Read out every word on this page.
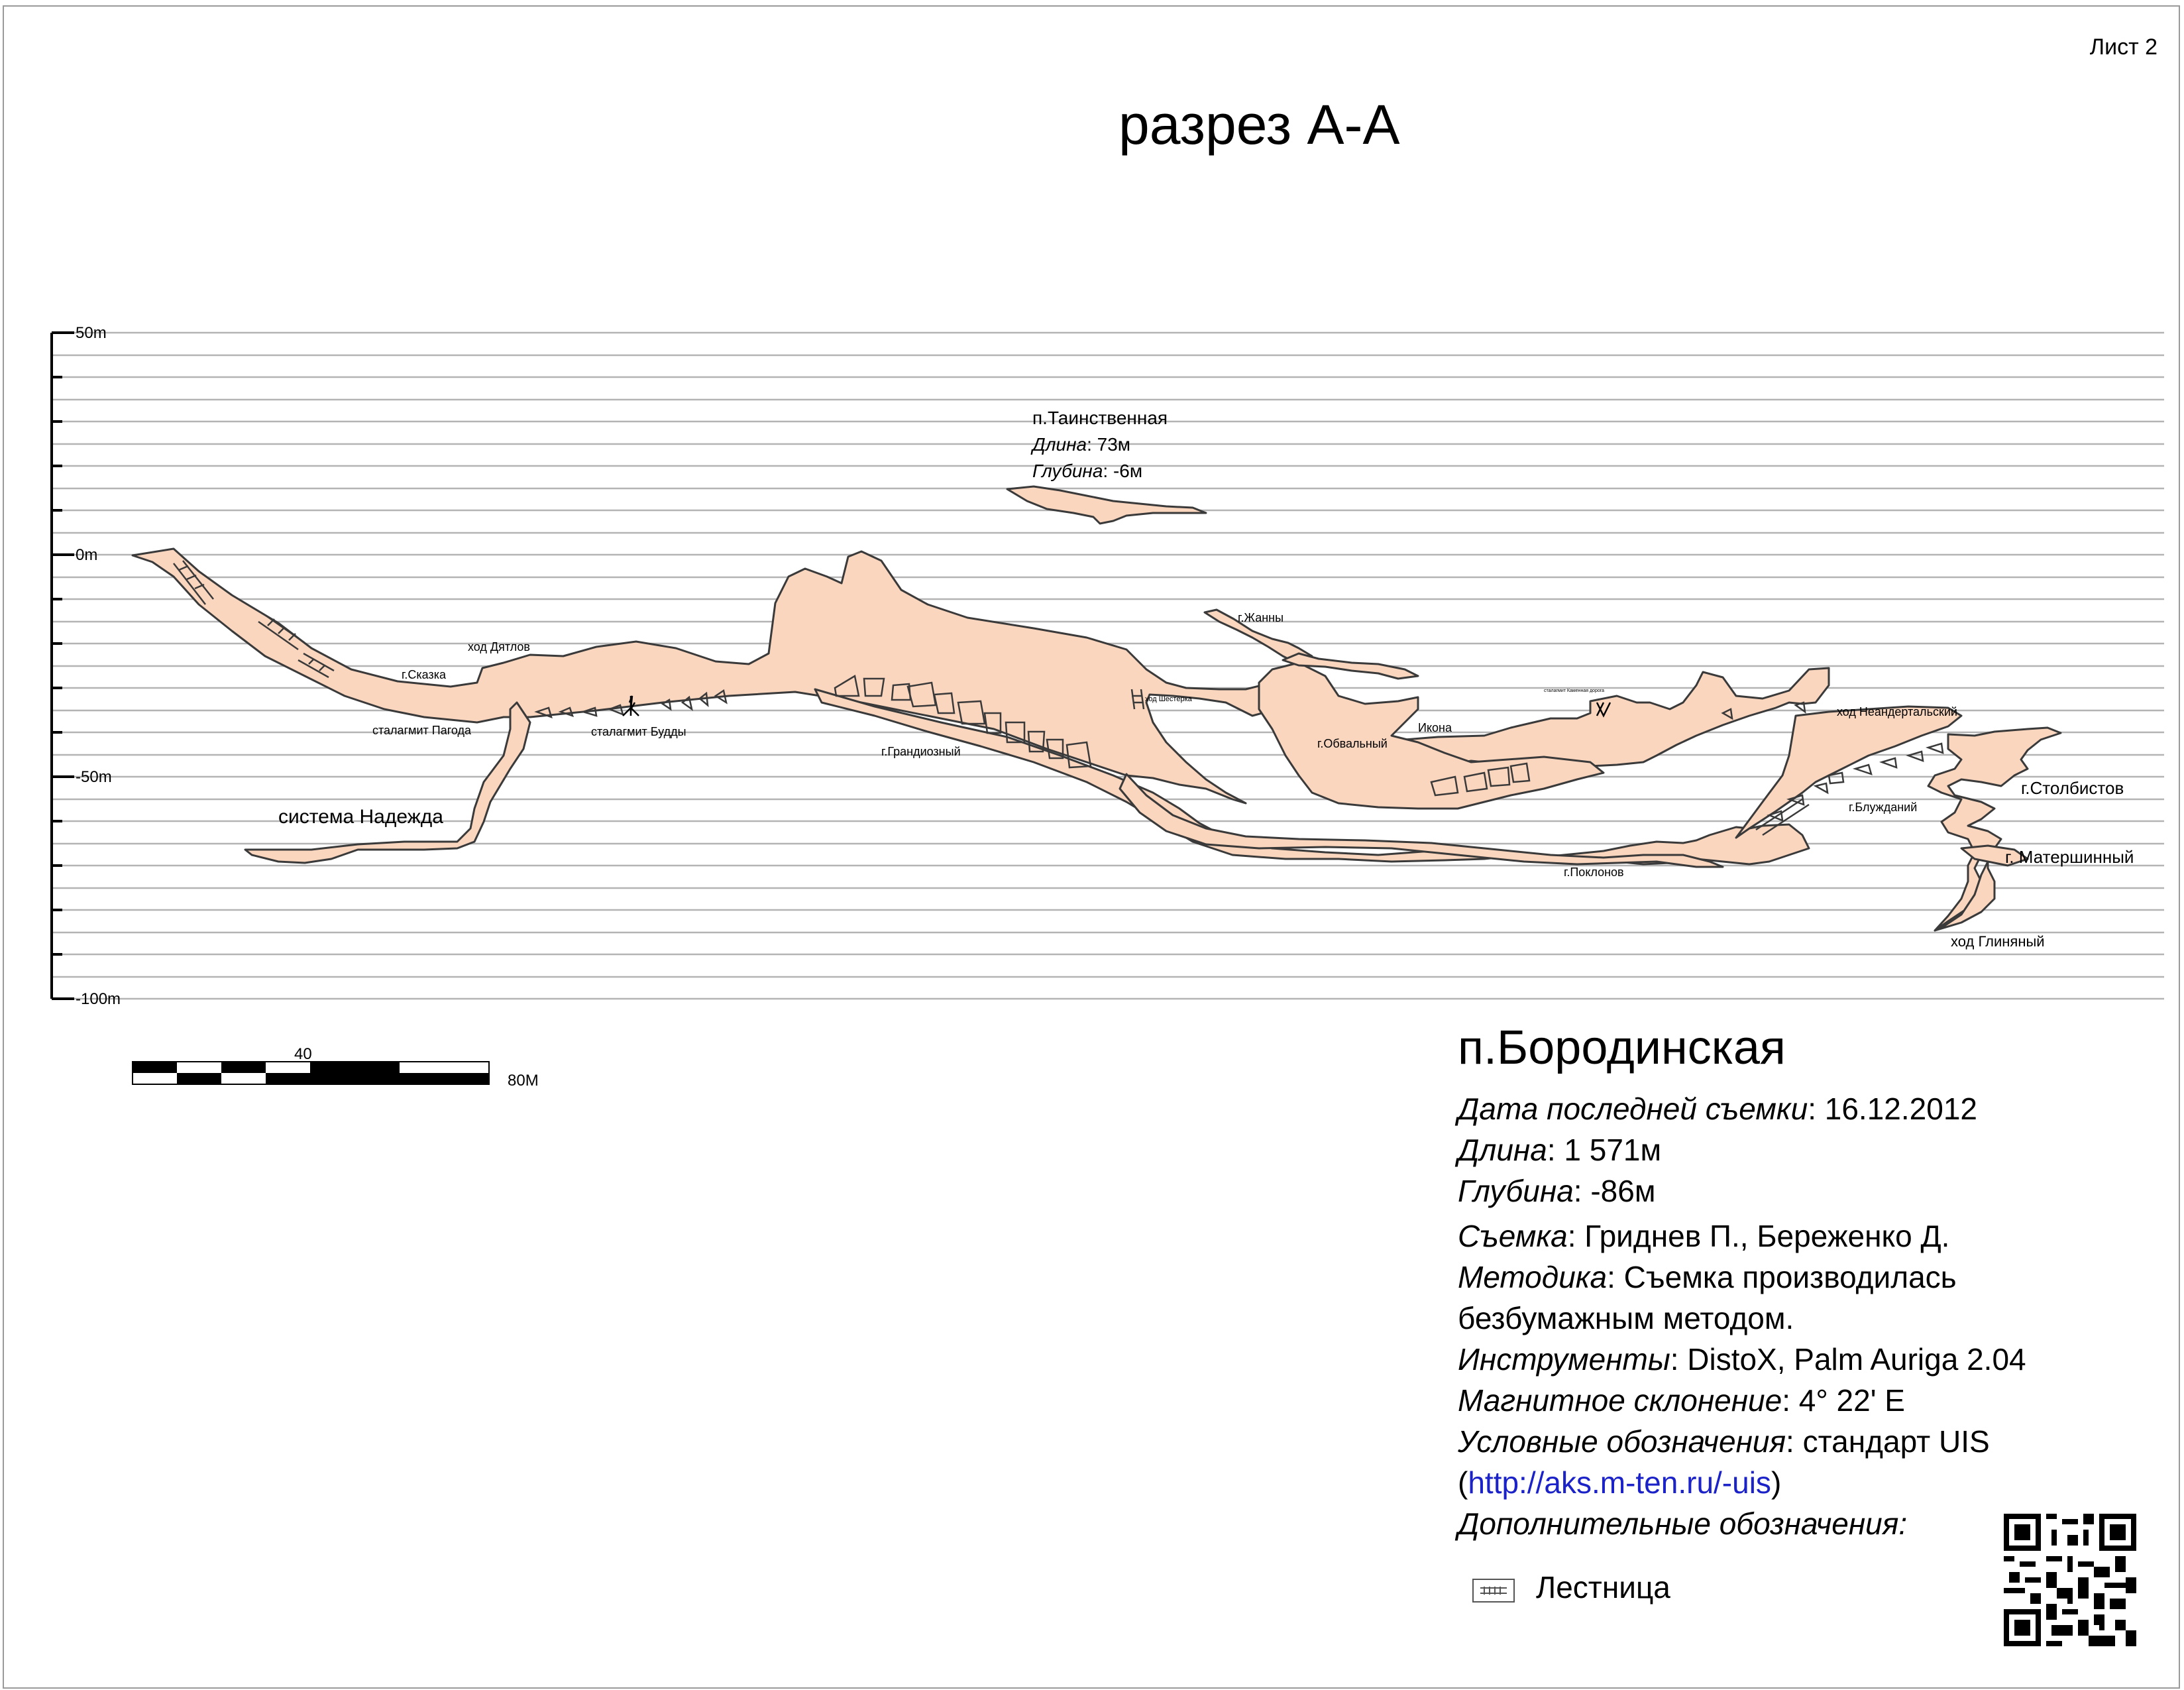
Лист 2
разрез А-А
50m
0m
-50m
-100m
ход Дятлов
г.Сказка
сталагмит Пагода	сталагмит Будды
г.Грандиозный
система Надежда
ход Шестерка
г.Жанны
г.Обвальный
Икона
сталагмит Каменная дорога
ход Неандертальский
г.Блужданий
г.Столбистов
г. Матершинный
ход Глиняный
г.Поклонов
п.Таинственная
Длина: 73м
Глубина: -6м
40
80M
п.Бородинская
Дата последней съемки: 16.12.2012
Длина: 1 571м
Глубина: -86м
Съемка: Гриднев П., Береженко Д.
Методика: Съемка производилась
безбумажным методом.
Инструменты: DistoX, Palm Auriga 2.04
Магнитное склонение: 4° 22' E
Условные обозначения: стандарт UIS
(http://aks.m-ten.ru/-uis)
Дополнительные обозначения:
Лестница
